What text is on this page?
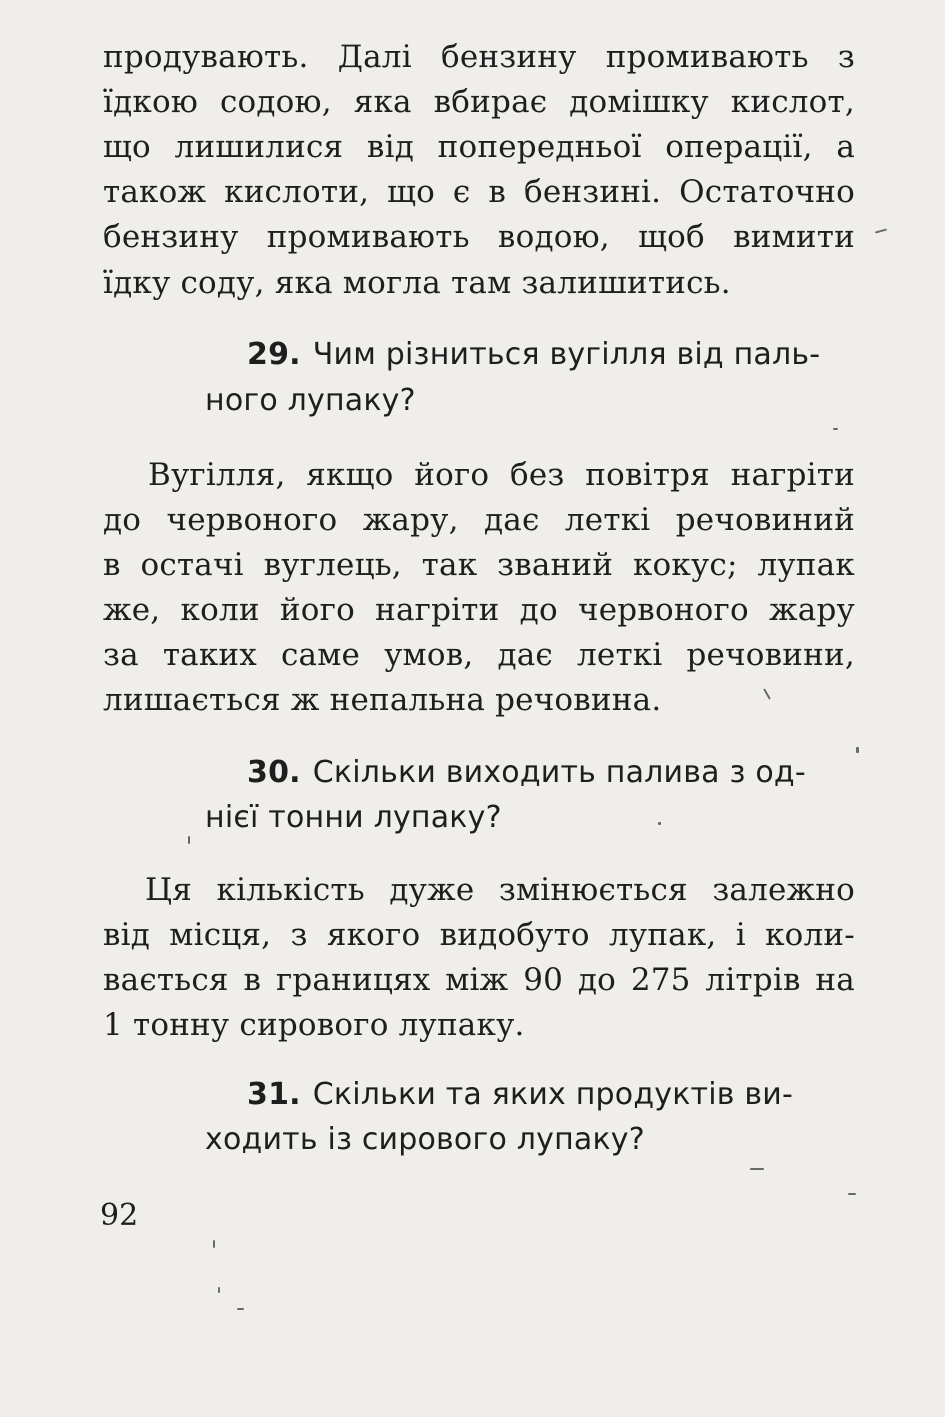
продувають. Далі бензину промивають з

їдкою содою, яка вбирає домішку кислот,

що лишилися від попередньої операції, а

також кислоти, що є в бензині. Остаточно

бензину промивають водою, щоб вимити

їдку соду, яка могла там залишитись.

29. Чим різниться вугілля від паль-

ного лупаку?

Вугілля, якщо його без повітря нагріти

до червоного жару, дає леткі речовиний

в остачі вуглець, так званий кокус; лупак

же, коли його нагріти до червоного жару

за таких саме умов, дає леткі речовини,

лишається ж непальна речовина.

30. Скільки виходить палива з од-

нієї тонни лупаку?

Ця кількість дуже змінюється залежно

від місця, з якого видобуто лупак, і коли-

вається в границях між 90 до 275 літрів на

1 тонну сирового лупаку.

31. Скільки та яких продуктів ви-

ходить із сирового лупаку?

92
